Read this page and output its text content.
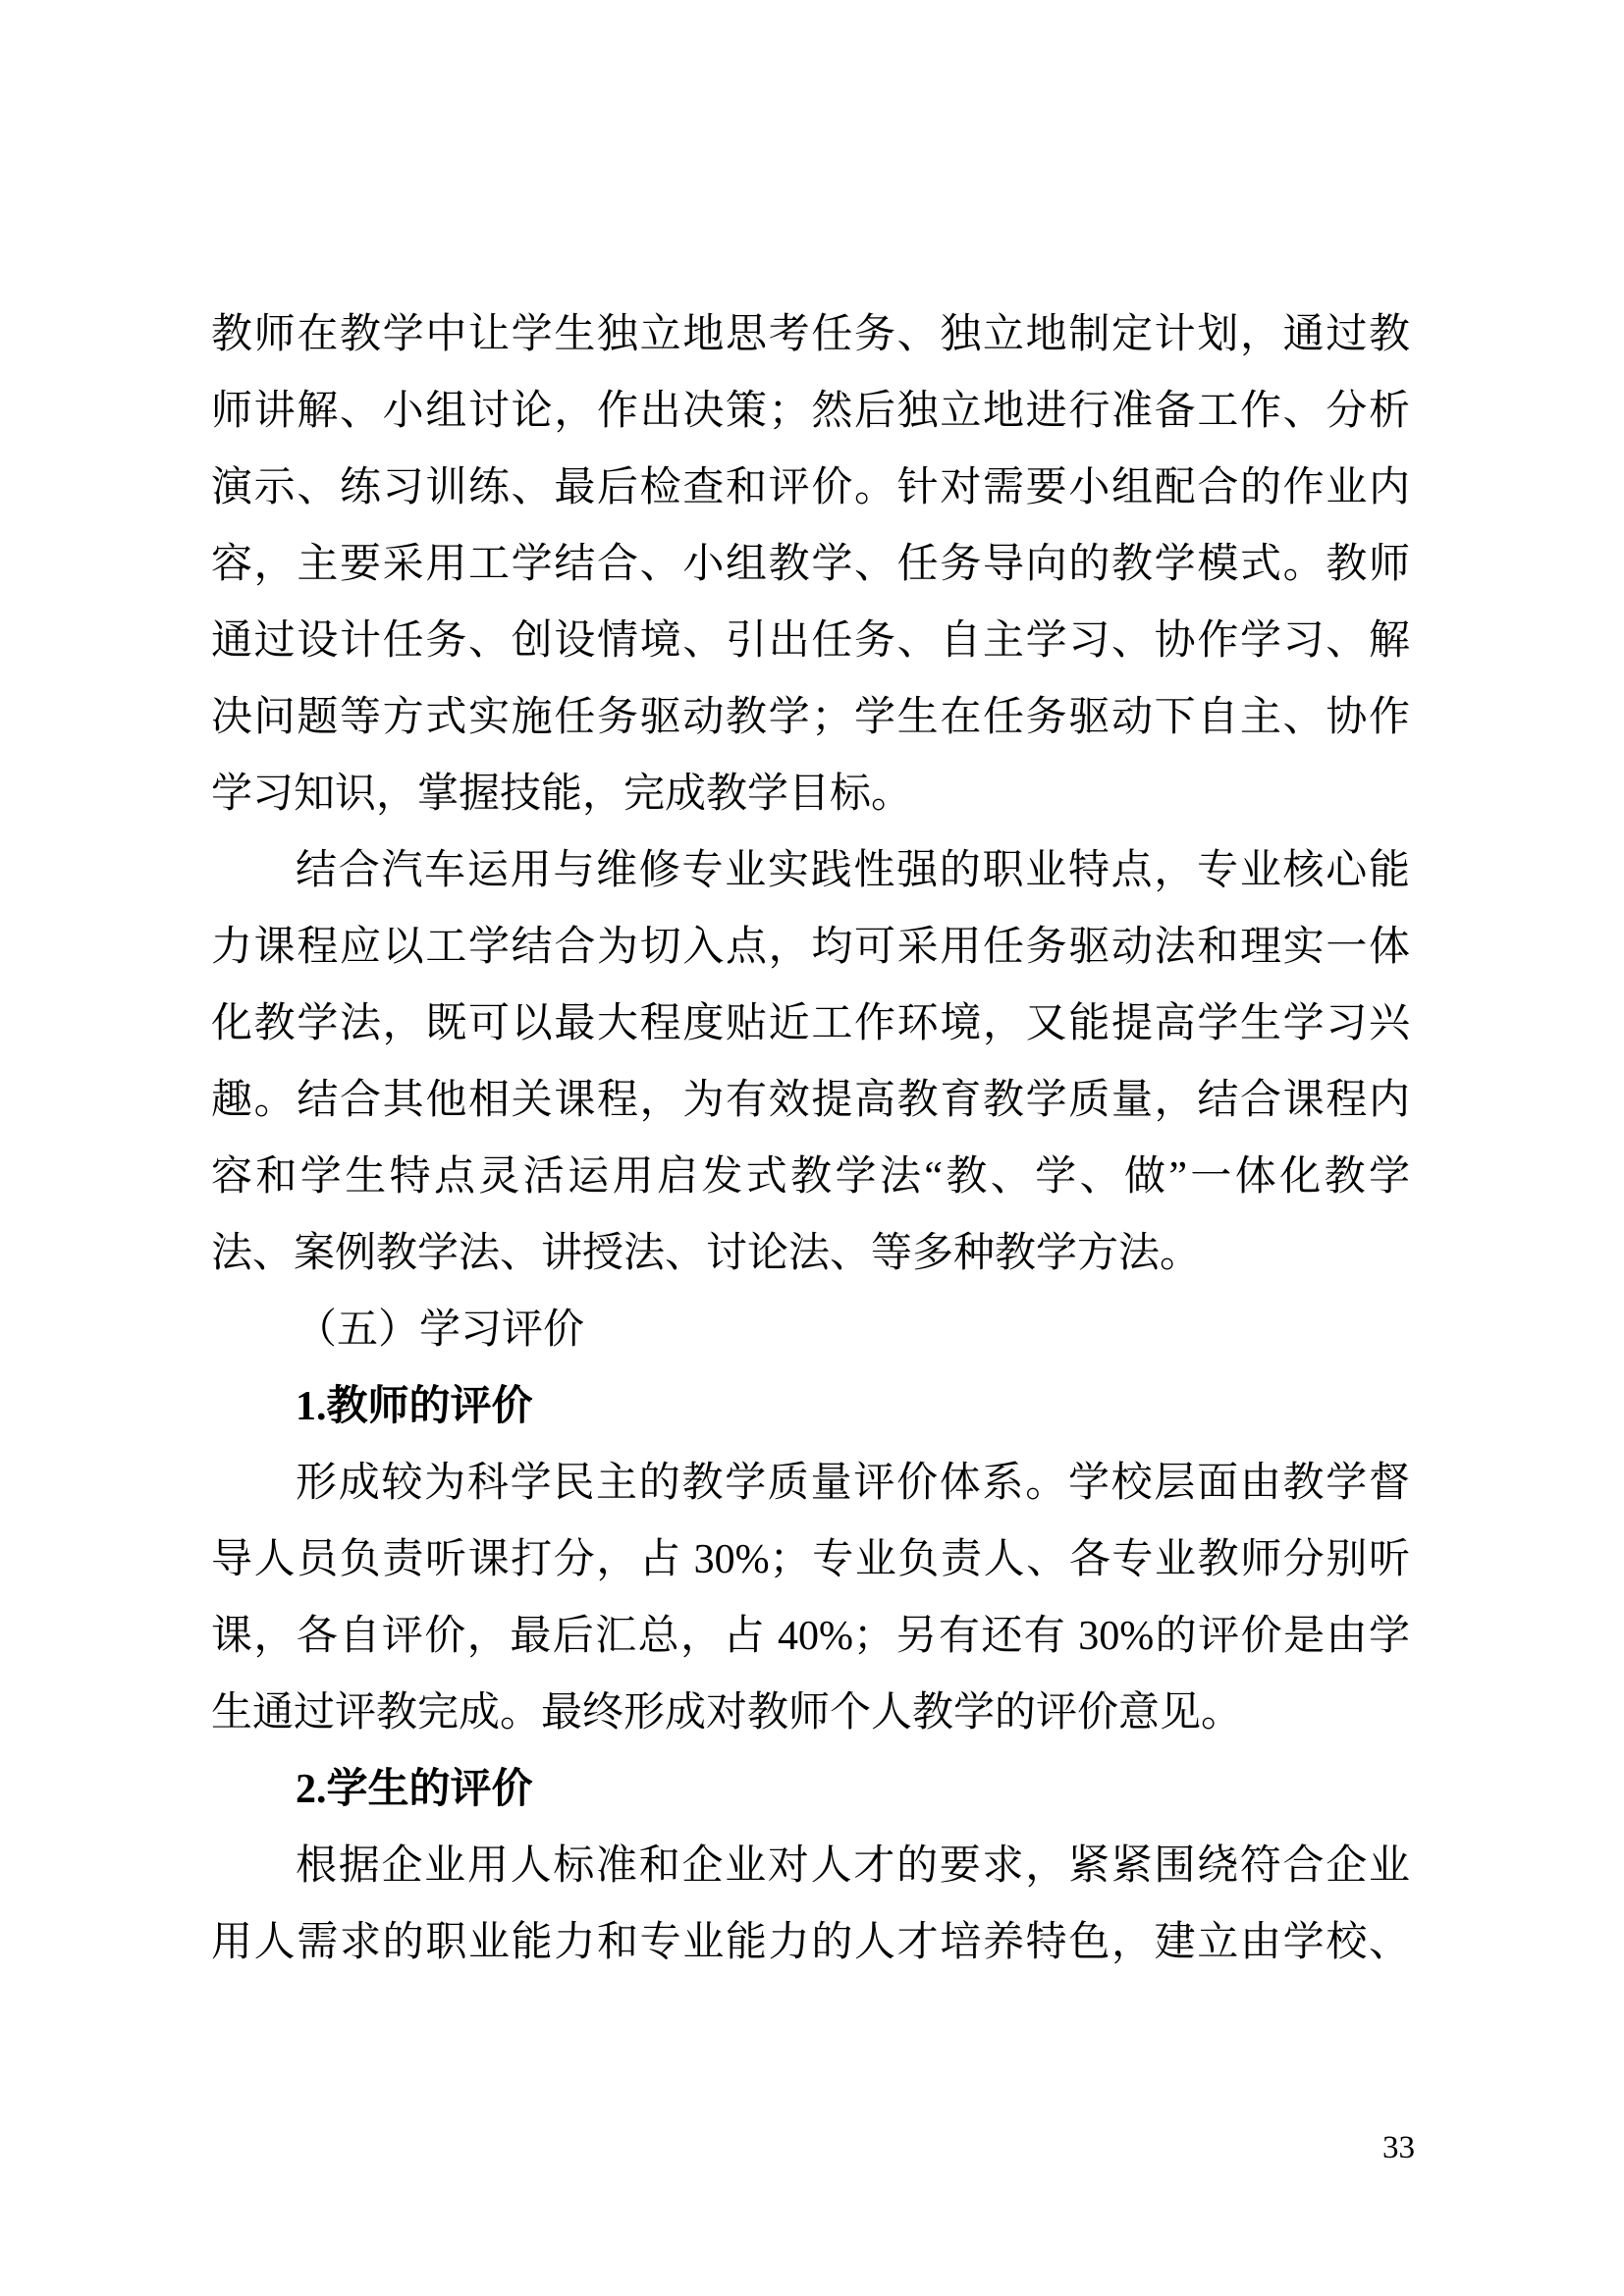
教师在教学中让学生独立地思考任务、独立地制定计划，通过教
师讲解、小组讨论，作出决策；然后独立地进行准备工作、分析
演示、练习训练、最后检查和评价。针对需要小组配合的作业内
容，主要采用工学结合、小组教学、任务导向的教学模式。教师
通过设计任务、创设情境、引出任务、自主学习、协作学习、解
决问题等方式实施任务驱动教学；学生在任务驱动下自主、协作
学习知识，掌握技能，完成教学目标。
结合汽车运用与维修专业实践性强的职业特点，专业核心能
力课程应以工学结合为切入点，均可采用任务驱动法和理实一体
化教学法，既可以最大程度贴近工作环境，又能提高学生学习兴
趣。结合其他相关课程，为有效提高教育教学质量，结合课程内
容和学生特点灵活运用启发式教学法“教、学、做”一体化教学
法、案例教学法、讲授法、讨论法、等多种教学方法。
（五）学习评价
1.教师的评价
形成较为科学民主的教学质量评价体系。学校层面由教学督
导人员负责听课打分，占 30%；专业负责人、各专业教师分别听
课，各自评价，最后汇总，占 40%；另有还有 30%的评价是由学
生通过评教完成。最终形成对教师个人教学的评价意见。
2.学生的评价
根据企业用人标准和企业对人才的要求，紧紧围绕符合企业
用人需求的职业能力和专业能力的人才培养特色，建立由学校、
33
